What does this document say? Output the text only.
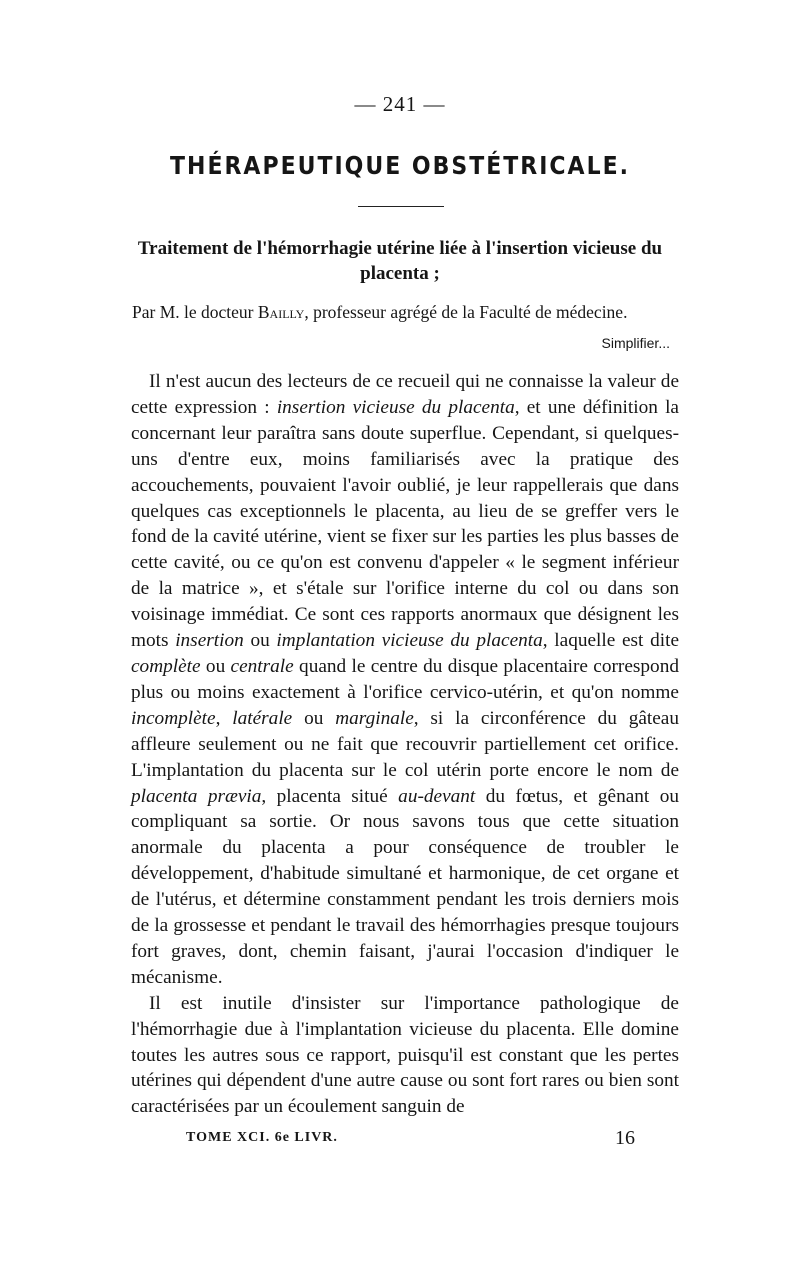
— 241 —
THÉRAPEUTIQUE OBSTÉTRICALE.
Traitement de l'hémorrhagie utérine liée à l'insertion vicieuse du placenta ;
Par M. le docteur Bailly, professeur agrégé de la Faculté de médecine.
Simplifier...

Il n'est aucun des lecteurs de ce recueil qui ne connaisse la valeur de cette expression : insertion vicieuse du placenta, et une définition la concernant leur paraîtra sans doute superflue. Cependant, si quelques-uns d'entre eux, moins familiarisés avec la pratique des accouchements, pouvaient l'avoir oublié, je leur rappellerais que dans quelques cas exceptionnels le placenta, au lieu de se greffer vers le fond de la cavité utérine, vient se fixer sur les parties les plus basses de cette cavité, ou ce qu'on est convenu d'appeler « le segment inférieur de la matrice », et s'étale sur l'orifice interne du col ou dans son voisinage immédiat. Ce sont ces rapports anormaux que désignent les mots insertion ou implantation vicieuse du placenta, laquelle est dite complète ou centrale quand le centre du disque placentaire correspond plus ou moins exactement à l'orifice cervico-utérin, et qu'on nomme incomplète, latérale ou marginale, si la circonférence du gâteau affleure seulement ou ne fait que recouvrir partiellement cet orifice. L'implantation du placenta sur le col utérin porte encore le nom de placenta prævia, placenta situé au-devant du fœtus, et gênant ou compliquant sa sortie. Or nous savons tous que cette situation anormale du placenta a pour conséquence de troubler le développement, d'habitude simultané et harmonique, de cet organe et de l'utérus, et détermine constamment pendant les trois derniers mois de la grossesse et pendant le travail des hémorrhagies presque toujours fort graves, dont, chemin faisant, j'aurai l'occasion d'indiquer le mécanisme.

Il est inutile d'insister sur l'importance pathologique de l'hémorrhagie due à l'implantation vicieuse du placenta. Elle domine toutes les autres sous ce rapport, puisqu'il est constant que les pertes utérines qui dépendent d'une autre cause ou sont fort rares ou bien sont caractérisées par un écoulement sanguin de

TOME XCI. 6e LIVR.	16
